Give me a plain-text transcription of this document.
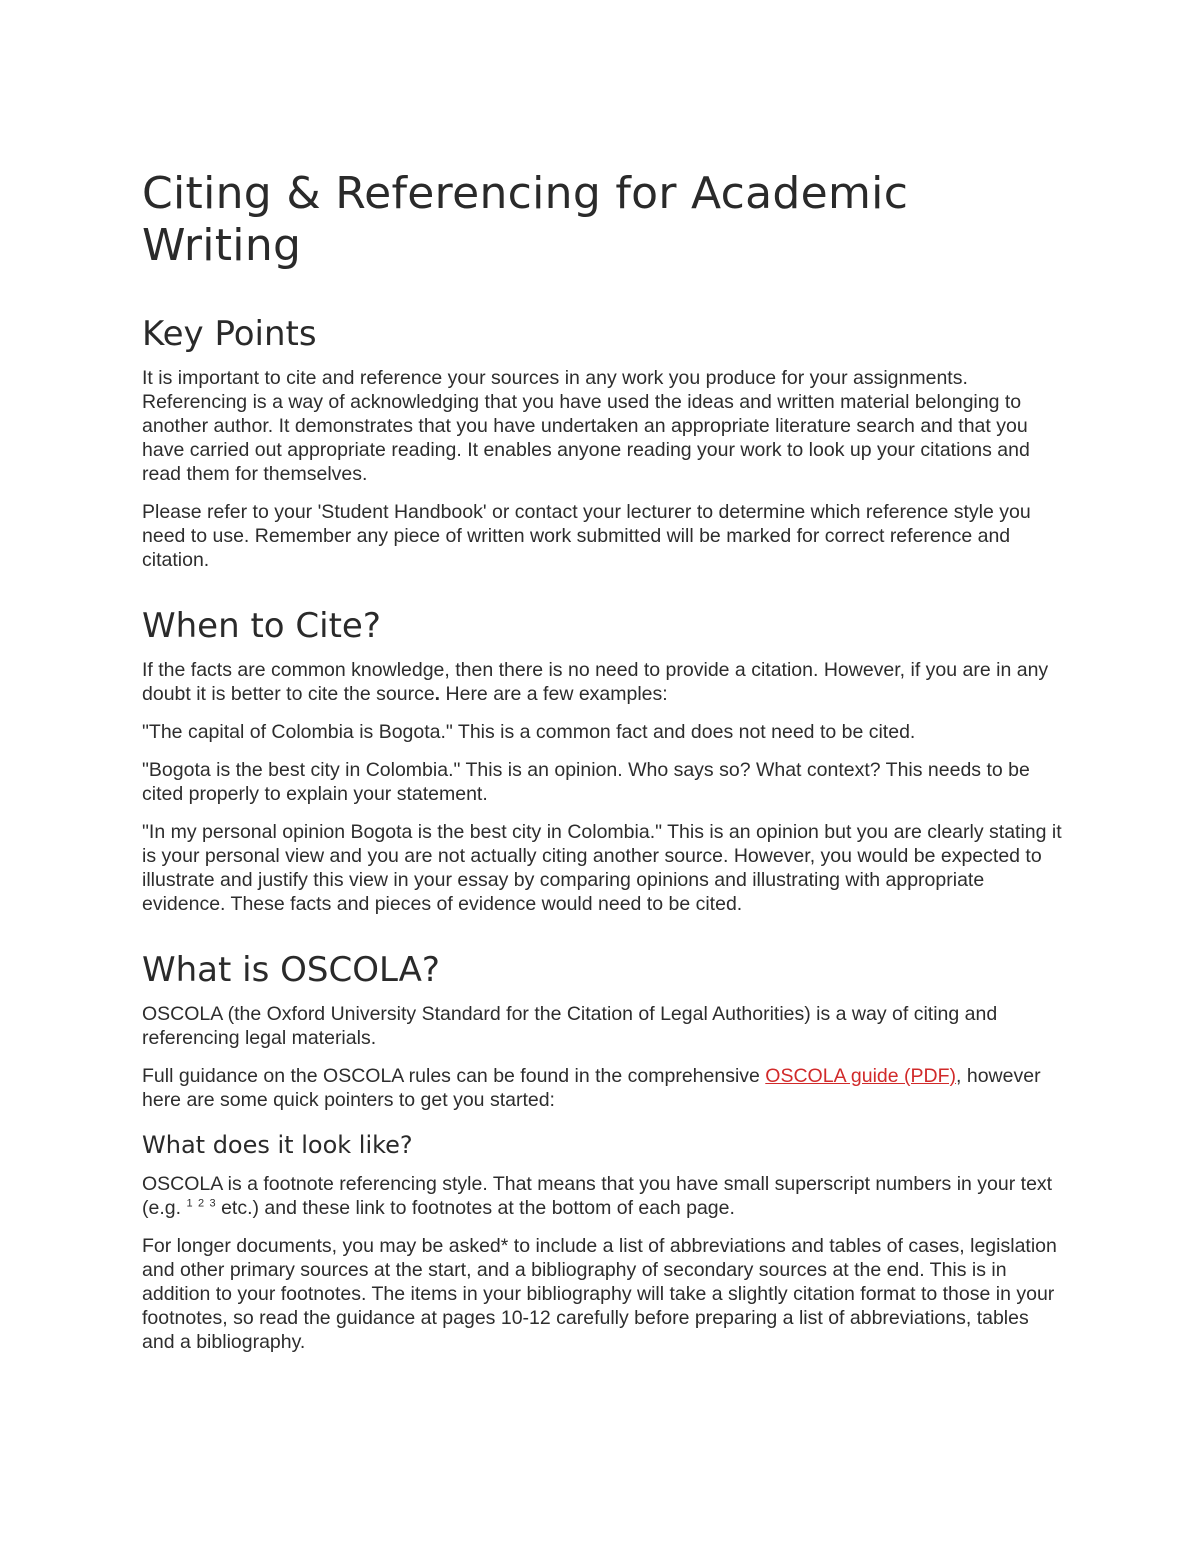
Citing & Referencing for Academic Writing
Key Points

It is important to cite and reference your sources in any work you produce for your assignments. Referencing is a way of acknowledging that you have used the ideas and written material belonging to another author. It demonstrates that you have undertaken an appropriate literature search and that you have carried out appropriate reading. It enables anyone reading your work to look up your citations and read them for themselves.

Please refer to your 'Student Handbook' or contact your lecturer to determine which reference style you need to use. Remember any piece of written work submitted will be marked for correct reference and citation.

When to Cite?

If the facts are common knowledge, then there is no need to provide a citation. However, if you are in any doubt it is better to cite the source. Here are a few examples:

"The capital of Colombia is Bogota." This is a common fact and does not need to be cited.

"Bogota is the best city in Colombia." This is an opinion. Who says so? What context? This needs to be cited properly to explain your statement.

"In my personal opinion Bogota is the best city in Colombia." This is an opinion but you are clearly stating it is your personal view and you are not actually citing another source. However, you would be expected to illustrate and justify this view in your essay by comparing opinions and illustrating with appropriate evidence. These facts and pieces of evidence would need to be cited.

What is OSCOLA?

OSCOLA (the Oxford University Standard for the Citation of Legal Authorities) is a way of citing and referencing legal materials.

Full guidance on the OSCOLA rules can be found in the comprehensive OSCOLA guide (PDF), however here are some quick pointers to get you started:

What does it look like?

OSCOLA is a footnote referencing style. That means that you have small superscript numbers in your text (e.g. $^1$ $^2$ $^3$ etc.) and these link to footnotes at the bottom of each page.

For longer documents, you may be asked* to include a list of abbreviations and tables of cases, legislation and other primary sources at the start, and a bibliography of secondary sources at the end. This is in addition to your footnotes. The items in your bibliography will take a slightly citation format to those in your footnotes, so read the guidance at pages 10-12 carefully before preparing a list of abbreviations, tables and a bibliography.
